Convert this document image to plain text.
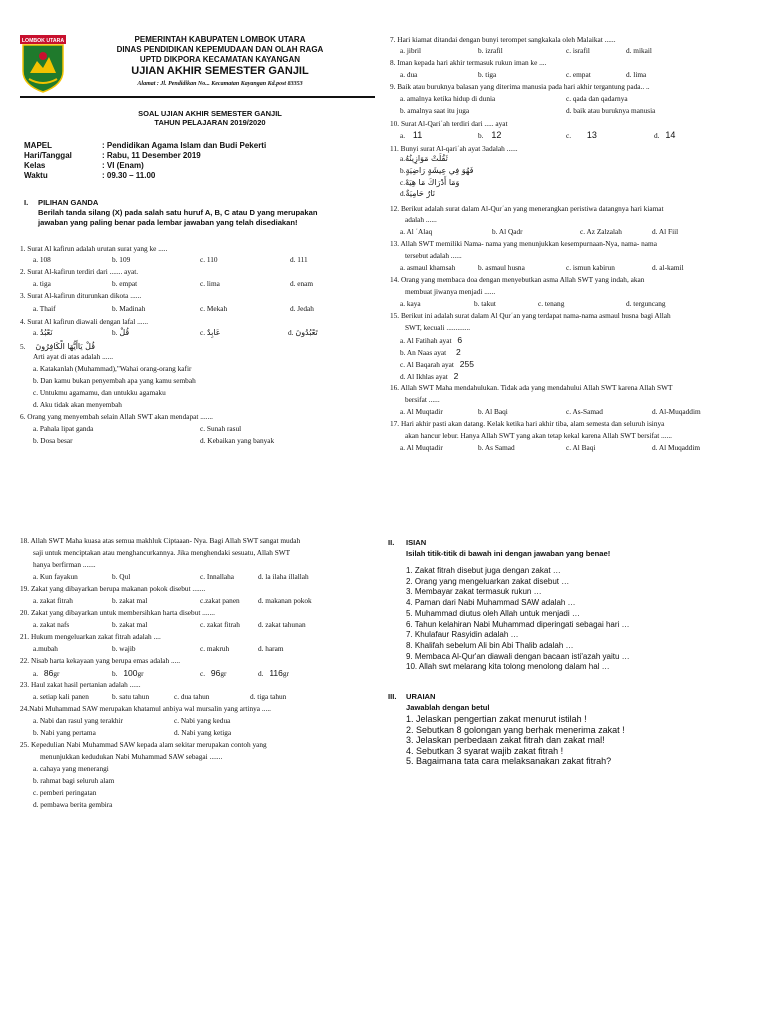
LOMBOK UTARA	PEMERINTAH KABUPATEN LOMBOK UTARA
DINAS PENDIDIKAN KEPEMUDAAN DAN OLAH RAGA
UPTD DIKPORA KECAMATAN KAYANGAN
UJIAN AKHIR SEMESTER GANJIL
Alamat : Jl. Pendidikan No... Kecamatan Kayangan Kd.post 83353
SOAL UJIAN AKHIR SEMESTER GANJIL
TAHUN PELAJARAN 2019/2020
MAPEL	: Pendidikan Agama Islam dan Budi Pekerti
Hari/Tanggal	: Rabu, 11 Desember 2019
Kelas	: VI (Enam)
Waktu	: 09.30 – 11.00
I.	PILIHAN GANDA
Berilah tanda silang (X) pada salah satu huruf A, B, C atau D yang merupakan
jawaban yang paling benar pada lembar jawaban yang telah disediakan!
1. Surat Al kafirun adalah urutan surat yang ke .....
a. 108	b. 109	c. 110	d. 111
2. Surat Al-kafirun terdiri dari ....... ayat.
a. tiga	b. empat	c. lima	d. enam
3. Surat Al-kafirun diturunkan dikota ......
a. Thaif	b. Madinah	c. Mekah	d. Jedah
4. Surat Al kafirun diawali dengan lafal ......
a. نَعْبُدُ	b. قُلْ	c. عَابِدٌ	d. تَعْبُدُونَ
5. قُلْ يَاأَيُّهَا الْكَافِرُونَ
Arti ayat di atas adalah ......
a. Katakanlah (Muhammad),"Wahai orang-orang kafir
b. Dan kamu bukan penyembah apa yang kamu sembah
c. Untukmu agamamu, dan untukku agamaku
d. Aku tidak akan menyembah
6. Orang yang menyembah selain Allah SWT akan mendapat .......
a. Pahala lipat ganda	c. Sunah rasul
b. Dosa besar	d. Kebaikan yang banyak
7. Hari kiamat ditandai dengan bunyi terompet sangkakala oleh Malaikat ......
a. jibril	b. izrafil	c. israfil	d. mikail
8. Iman kepada hari akhir termasuk rukun iman ke ....
a. dua	b. tiga	c. empat	d. lima
9. Baik atau buruknya balasan yang diterima manusia pada hari akhir tergantung pada.. ..
a. amalnya ketika hidup di dunia	c. qada dan qadarnya
b. amalnya saat itu juga	d. baik atau buruknya manusia
10. Surat Al-Qariʿah terdiri dari ..... ayat
a. 11	b. 12	c. 13	d. 14
11. Bunyi surat Al-qariʿah ayat 3adalah ......
a.ثَقُلَتْ مَوَازِينُهُ
b.فَهُوَ فِي عِيشَةٍ رَاضِيَةٍ
c.وَمَا أَدْرَاكَ مَا هِيَهْ
d.نَارٌ حَامِيَةٌ
12. Berikut adalah surat dalam Al-Qurʿan yang menerangkan peristiwa datangnya hari kiamat
adalah ......
a. Al ʿAlaq	b. Al Qadr	c. Az Zalzalah	d. Al Fiil
13. Allah SWT memiliki Nama- nama yang menunjukkan kesempurnaan-Nya, nama- nama
tersebut adalah ......
a. asmaul khamsah	b. asmaul husna	c. ismun kabirun	d. al-kamil
14. Orang yang membaca doa dengan menyebutkan asma Allah SWT yang indah, akan
membuat jiwanya menjadi ......
a. kaya	b. takut	c. tenang	d. terguncang
15. Berikut ini adalah surat dalam Al Qurʿan yang terdapat nama-nama asmaul husna bagi Allah
SWT, kecuali .............
a. Al Fatihah ayat 6
b. An Naas ayat 2
c. Al Baqarah ayat 255
d. Al Ikhlas ayat 2
16. Allah SWT Maha mendahulukan. Tidak ada yang mendahului Allah SWT karena Allah SWT
bersifat ......
a. Al Muqtadir	b. Al Baqi	c. As-Samad	d. Al-Muqaddim
17. Hari akhir pasti akan datang. Kelak ketika hari akhir tiba, alam semesta dan seluruh isinya
akan hancur lebur. Hanya Allah SWT yang akan tetap kekal karena Allah SWT bersifat ......
a. Al Muqtadir	b. As Samad	c. Al Baqi	d. Al Muqaddim
18. Allah SWT Maha kuasa atas semua makhluk Ciptaaan- Nya. Bagi Allah SWT sangat mudah
saji untuk menciptakan atau menghancurkannya. Jika menghendaki sesuatu, Allah SWT
hanya berfirman .......
a. Kun fayakun	b. Qul	c. Innallaha	d. la ilaha illallah
19. Zakat yang dibayarkan berupa makanan pokok disebut .......
a. zakat fitrah	b. zakat mal	c.zakat panen	d. makanan pokok
20. Zakat yang dibayarkan untuk membersihkan harta disebut .......
a. zakat nafs	b. zakat mal	c. zakat fitrah d. zakat tahunan
21. Hukum mengeluarkan zakat fitrah adalah ....
a.mubah	b. wajib	c. makruh	d. haram
22. Nisab harta kekayaan yang berupa emas adalah .....
a. 86gr	b. 100gr	c. 96gr	d. 116gr
23. Haul zakat hasil pertanian adalah ......
a. setiap kali panen	b. satu tahun	c. dua tahun	d. tiga tahun
24.Nabi Muhammad SAW merupakan khatamul anbiya wal mursalin yang artinya .....
a. Nabi dan rasul yang terakhir	c. Nabi yang kedua
b. Nabi yang pertama	d. Nabi yang ketiga
25. Kepedulian Nabi Muhammad SAW kepada alam sekitar merupakan contoh yang
menunjukkan kedudukan Nabi Muhammad SAW sebagai .......
a. cahaya yang menerangi
b. rahmat bagi seluruh alam
c. pemberi peringatan
d. pembawa berita gembira
II.	ISIAN
Isilah titik-titik di bawah ini dengan jawaban yang benae!
1. Zakat fitrah disebut juga dengan zakat …
2. Orang yang mengeluarkan zakat disebut …
3. Membayar zakat termasuk rukun …
4. Paman dari Nabi Muhammad SAW adalah …
5. Muhammad diutus oleh Allah untuk menjadi …
6. Tahun kelahiran Nabi Muhammad diperingati sebagai hari …
7. Khulafaur Rasyidin adalah …
8. Khalifah sebelum Ali bin Abi Thalib adalah …
9. Membaca Al-Qur'an diawali dengan bacaan isti'azah yaitu …
10. Allah swt melarang kita tolong menolong dalam hal …
III.	URAIAN
Jawablah dengan betul
1. Jelaskan pengertian zakat menurut istilah !
2. Sebutkan 8 golongan yang berhak menerima zakat !
3. Jelaskan perbedaan zakat fitrah dan zakat mal!
4. Sebutkan 3 syarat wajib zakat fitrah !
5. Bagaimana tata cara melaksanakan zakat fitrah?
